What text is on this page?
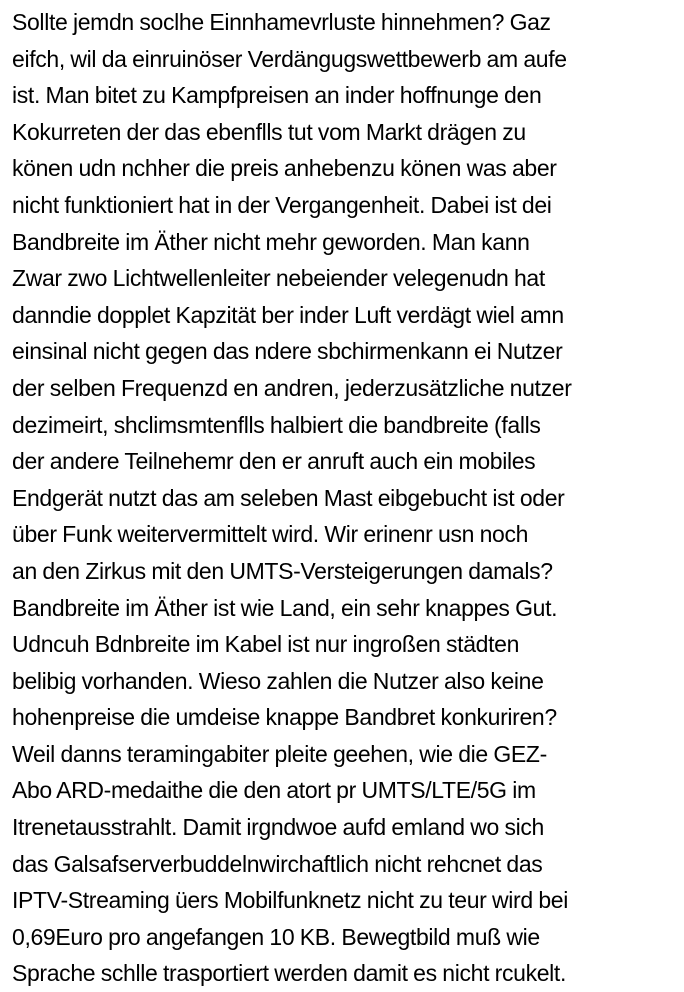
Sollte jemdn soclhe Einnhamevrluste hinnehmen? Gaz
eifch, wil da einruinöser Verdängugswettbewerb am aufe
ist. Man bitet zu Kampfpreisen an inder hoffnunge den
Kokurreten der das ebenflls tut vom Markt drägen zu
könen udn nchher die preis anhebenzu könen was aber
nicht funktioniert hat in der Vergangenheit. Dabei ist dei
Bandbreite im Äther nicht mehr geworden. Man kann
Zwar zwo Lichtwellenleiter nebeiender velegenudn hat
danndie dopplet Kapzität ber inder Luft verdägt wiel amn
einsinal nicht gegen das ndere sbchirmenkann ei Nutzer
der selben Frequenzd en andren, jederzusätzliche nutzer
dezimeirt, shclimsmtenflls halbiert die bandbreite (falls
der andere Teilnehemr den er anruft auch ein mobiles
Endgerät nutzt das am seleben Mast eibgebucht ist oder
über Funk weitervermittelt wird. Wir erinenr usn noch
an den Zirkus mit den UMTS-Versteigerungen damals?
Bandbreite im Äther ist wie Land, ein sehr knappes Gut.
Udncuh Bdnbreite im Kabel ist nur ingroßen städten
belibig vorhanden. Wieso zahlen die Nutzer also keine
hohenpreise die umdeise knappe Bandbret konkuriren?
Weil danns teramingabiter pleite geehen, wie die GEZ-
Abo ARD-medaithe die den atort pr UMTS/LTE/5G im
Itrenetausstrahlt. Damit irgndwoe aufd emland wo sich
das Galsafserverbuddelnwirchaftlich nicht rehcnet das
IPTV-Streaming üers Mobilfunknetz nicht zu teur wird bei
0,69Euro pro angefangen 10 KB. Bewegtbild muß wie
Sprache schlle trasportiert werden damit es nicht rcukelt.
